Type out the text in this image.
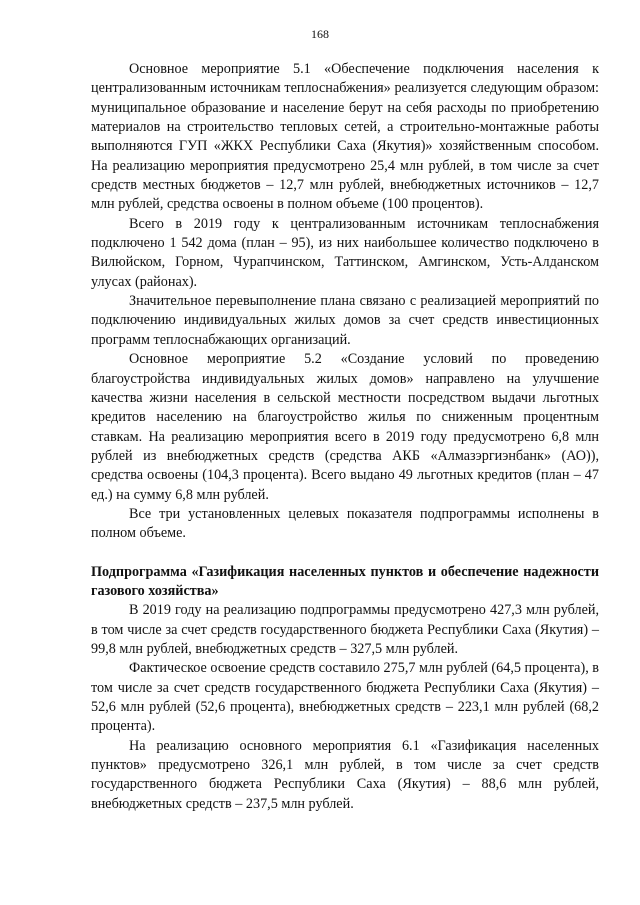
168

Основное мероприятие 5.1 «Обеспечение подключения населения к централизованным источникам теплоснабжения» реализуется следующим образом: муниципальное образование и население берут на себя расходы по приобретению материалов на строительство тепловых сетей, а строительно-монтажные работы выполняются ГУП «ЖКХ Республики Саха (Якутия)» хозяйственным способом. На реализацию мероприятия предусмотрено 25,4 млн рублей, в том числе за счет средств местных бюджетов – 12,7 млн рублей, внебюджетных источников – 12,7 млн рублей, средства освоены в полном объеме (100 процентов).

Всего в 2019 году к централизованным источникам теплоснабжения подключено 1 542 дома (план – 95), из них наибольшее количество подключено в Вилюйском, Горном, Чурапчинском, Таттинском, Амгинском, Усть-Алданском улусах (районах).

Значительное перевыполнение плана связано с реализацией мероприятий по подключению индивидуальных жилых домов за счет средств инвестиционных программ теплоснабжающих организаций.

Основное мероприятие 5.2 «Создание условий по проведению благоустройства индивидуальных жилых домов» направлено на улучшение качества жизни населения в сельской местности посредством выдачи льготных кредитов населению на благоустройство жилья по сниженным процентным ставкам. На реализацию мероприятия всего в 2019 году предусмотрено 6,8 млн рублей из внебюджетных средств (средства АКБ «Алмазэргиэнбанк» (АО)), средства освоены (104,3 процента). Всего выдано 49 льготных кредитов (план – 47 ед.) на сумму 6,8 млн рублей.

Все три установленных целевых показателя подпрограммы исполнены в полном объеме.

Подпрограмма «Газификация населенных пунктов и обеспечение надежности газового хозяйства»

В 2019 году на реализацию подпрограммы предусмотрено 427,3 млн рублей, в том числе за счет средств государственного бюджета Республики Саха (Якутия) – 99,8 млн рублей, внебюджетных средств – 327,5 млн рублей.

Фактическое освоение средств составило 275,7 млн рублей (64,5 процента), в том числе за счет средств государственного бюджета Республики Саха (Якутия) – 52,6 млн рублей (52,6 процента), внебюджетных средств – 223,1 млн рублей (68,2 процента).

На реализацию основного мероприятия 6.1 «Газификация населенных пунктов» предусмотрено 326,1 млн рублей, в том числе за счет средств государственного бюджета Республики Саха (Якутия) – 88,6 млн рублей, внебюджетных средств – 237,5 млн рублей.
